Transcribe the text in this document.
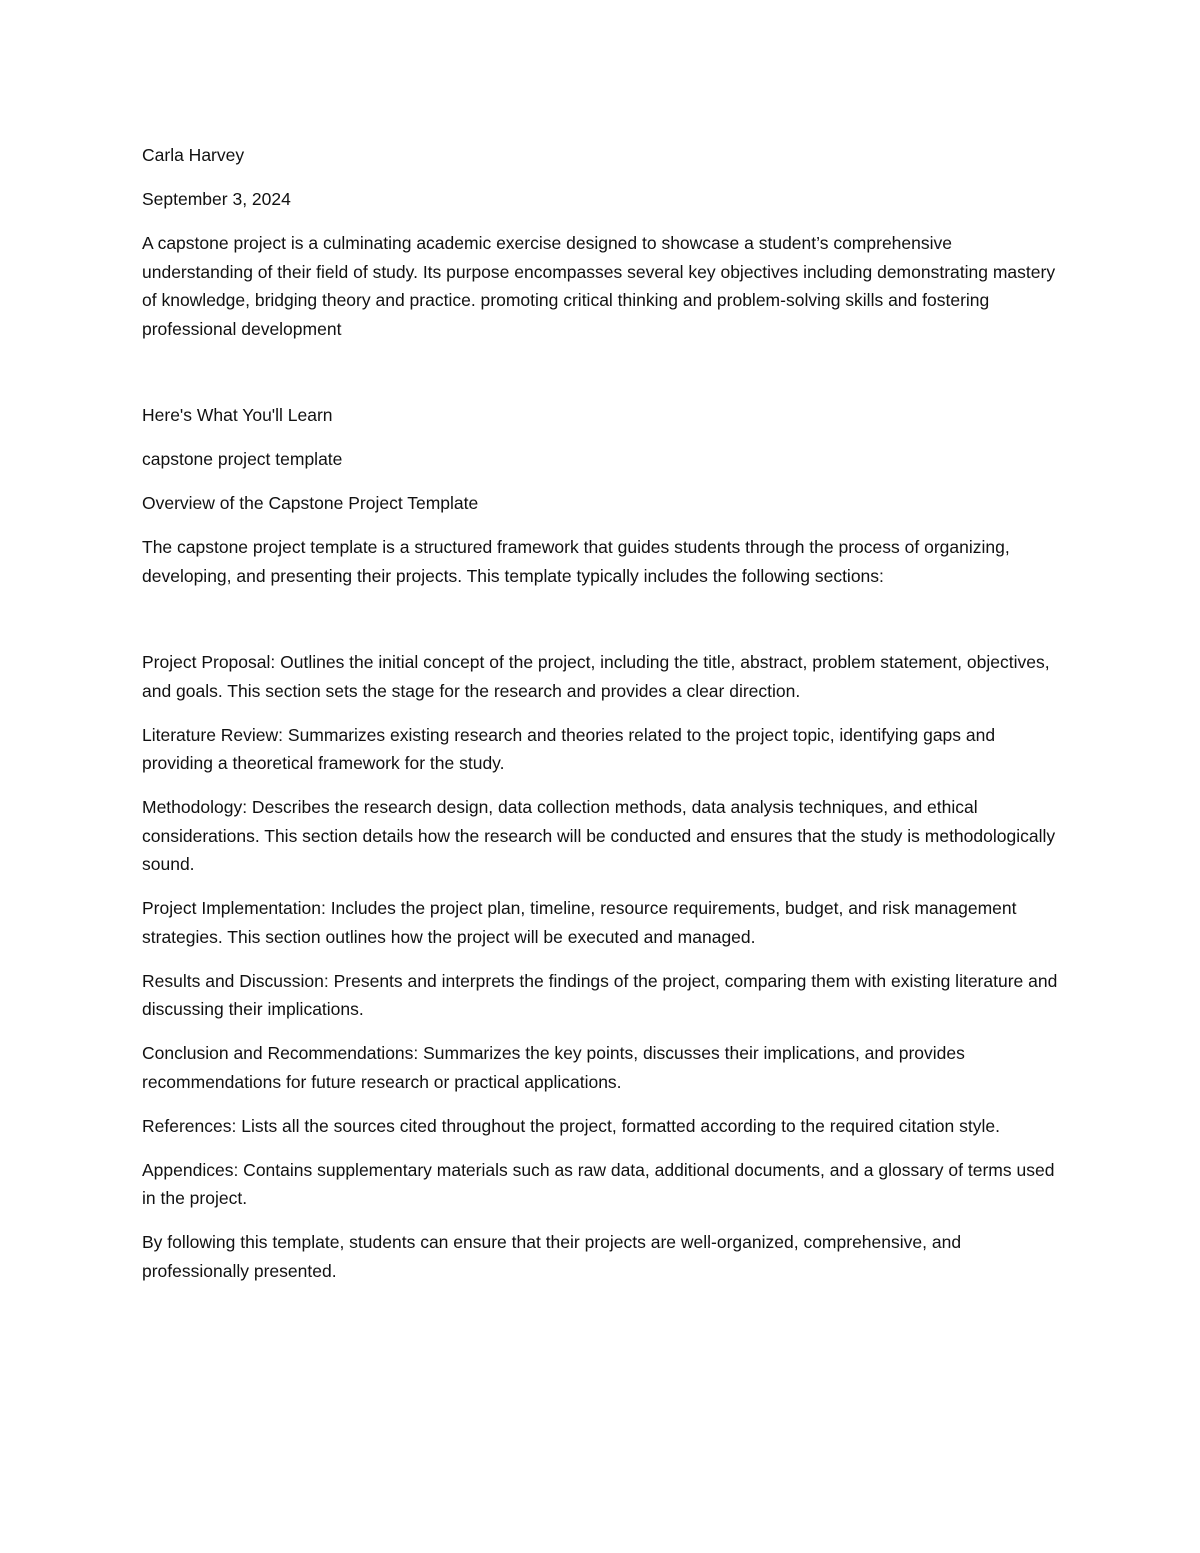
Carla Harvey

September 3, 2024

A capstone project is a culminating academic exercise designed to showcase a student’s comprehensive understanding of their field of study. Its purpose encompasses several key objectives including demonstrating mastery of knowledge, bridging theory and practice. promoting critical thinking and problem-solving skills and fostering professional development

Here's What You'll Learn

capstone project template

Overview of the Capstone Project Template

The capstone project template is a structured framework that guides students through the process of organizing, developing, and presenting their projects. This template typically includes the following sections:

Project Proposal: Outlines the initial concept of the project, including the title, abstract, problem statement, objectives, and goals. This section sets the stage for the research and provides a clear direction.

Literature Review: Summarizes existing research and theories related to the project topic, identifying gaps and providing a theoretical framework for the study.

Methodology: Describes the research design, data collection methods, data analysis techniques, and ethical considerations. This section details how the research will be conducted and ensures that the study is methodologically sound.

Project Implementation: Includes the project plan, timeline, resource requirements, budget, and risk management strategies. This section outlines how the project will be executed and managed.

Results and Discussion: Presents and interprets the findings of the project, comparing them with existing literature and discussing their implications.

Conclusion and Recommendations: Summarizes the key points, discusses their implications, and provides recommendations for future research or practical applications.

References: Lists all the sources cited throughout the project, formatted according to the required citation style.

Appendices: Contains supplementary materials such as raw data, additional documents, and a glossary of terms used in the project.

By following this template, students can ensure that their projects are well-organized, comprehensive, and professionally presented.
